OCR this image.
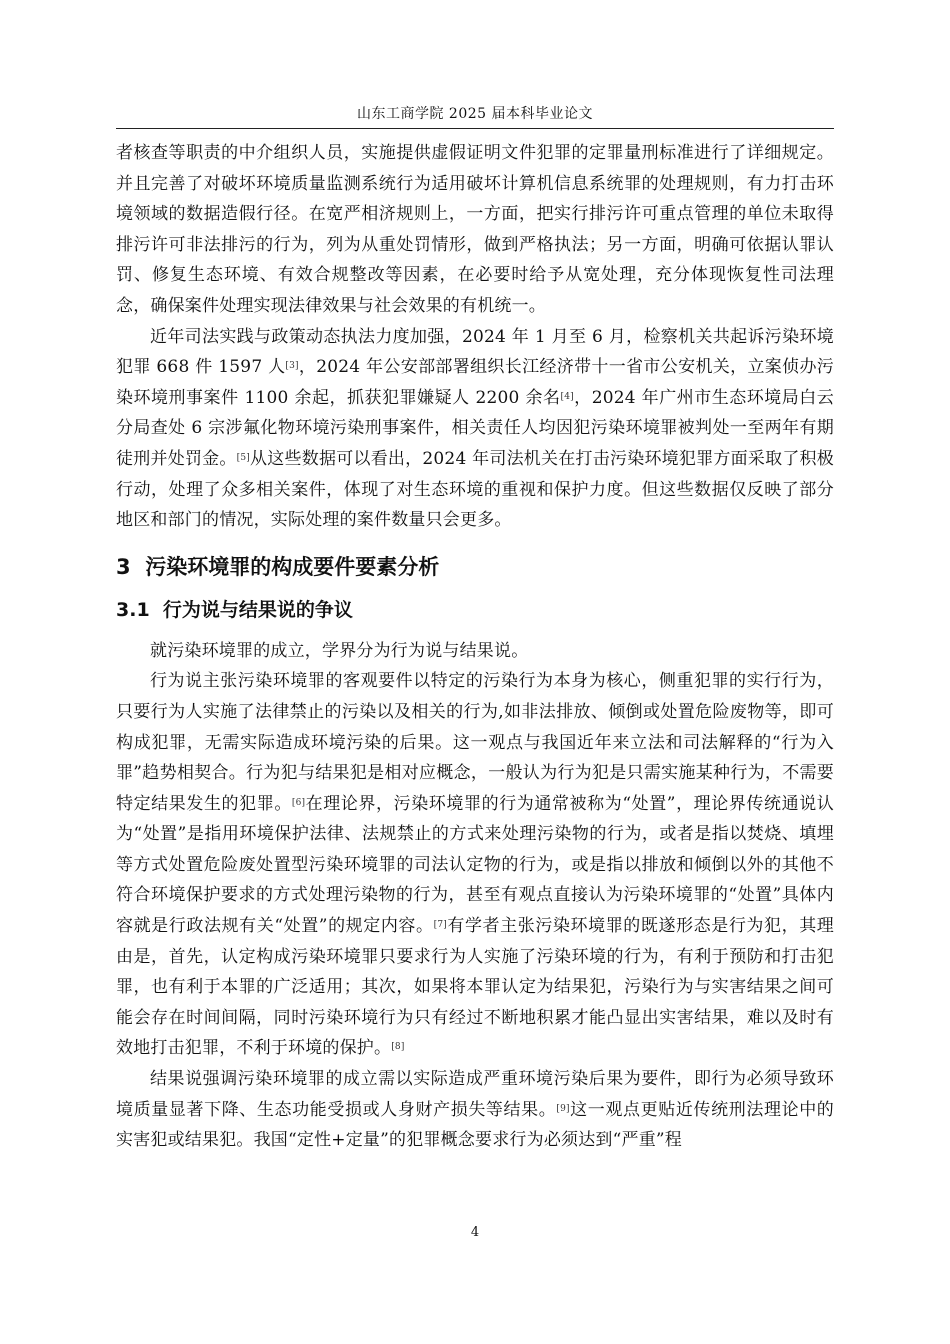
山东工商学院 2025 届本科毕业论文

者核查等职责的中介组织人员，实施提供虚假证明文件犯罪的定罪量刑标准进行了详细规定。并且完善了对破坏环境质量监测系统行为适用破坏计算机信息系统罪的处理规则，有力打击环境领域的数据造假行径。在宽严相济规则上，一方面，把实行排污许可重点管理的单位未取得排污许可非法排污的行为，列为从重处罚情形，做到严格执法；另一方面，明确可依据认罪认罚、修复生态环境、有效合规整改等因素，在必要时给予从宽处理，充分体现恢复性司法理念，确保案件处理实现法律效果与社会效果的有机统一。

近年司法实践与政策动态执法力度加强，2024 年 1 月至 6 月，检察机关共起诉污染环境犯罪 668 件 1597 人[3]，2024 年公安部部署组织长江经济带十一省市公安机关，立案侦办污染环境刑事案件 1100 余起，抓获犯罪嫌疑人 2200 余名[4]，2024 年广州市生态环境局白云分局查处 6 宗涉氟化物环境污染刑事案件，相关责任人均因犯污染环境罪被判处一至两年有期徒刑并处罚金。[5]从这些数据可以看出，2024 年司法机关在打击污染环境犯罪方面采取了积极行动，处理了众多相关案件，体现了对生态环境的重视和保护力度。但这些数据仅反映了部分地区和部门的情况，实际处理的案件数量只会更多。

3 污染环境罪的构成要件要素分析
3.1 行为说与结果说的争议

就污染环境罪的成立，学界分为行为说与结果说。

行为说主张污染环境罪的客观要件以特定的污染行为本身为核心，侧重犯罪的实行行为，只要行为人实施了法律禁止的污染以及相关的行为,如非法排放、倾倒或处置危险废物等，即可构成犯罪，无需实际造成环境污染的后果。这一观点与我国近年来立法和司法解释的“行为入罪”趋势相契合。行为犯与结果犯是相对应概念，一般认为行为犯是只需实施某种行为，不需要特定结果发生的犯罪。[6]在理论界，污染环境罪的行为通常被称为“处置”，理论界传统通说认为“处置”是指用环境保护法律、法规禁止的方式来处理污染物的行为，或者是指以焚烧、填埋等方式处置危险废处置型污染环境罪的司法认定物的行为，或是指以排放和倾倒以外的其他不符合环境保护要求的方式处理污染物的行为，甚至有观点直接认为污染环境罪的“处置”具体内容就是行政法规有关“处置”的规定内容。[7]有学者主张污染环境罪的既遂形态是行为犯，其理由是，首先，认定构成污染环境罪只要求行为人实施了污染环境的行为，有利于预防和打击犯罪，也有利于本罪的广泛适用；其次，如果将本罪认定为结果犯，污染行为与实害结果之间可能会存在时间间隔，同时污染环境行为只有经过不断地积累才能凸显出实害结果，难以及时有效地打击犯罪，不利于环境的保护。[8]

结果说强调污染环境罪的成立需以实际造成严重环境污染后果为要件，即行为必须导致环境质量显著下降、生态功能受损或人身财产损失等结果。[9]这一观点更贴近传统刑法理论中的实害犯或结果犯。我国“定性+定量”的犯罪概念要求行为必须达到“严重”程

4
